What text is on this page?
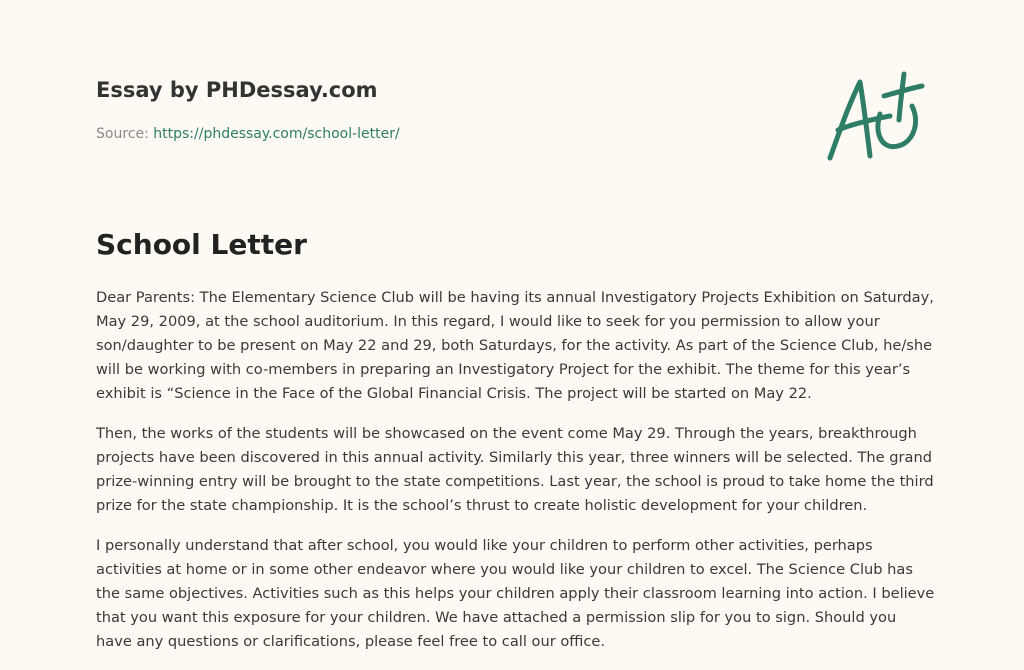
Essay by PHDessay.com
Source: https://phdessay.com/school-letter/
School Letter

Dear Parents: The Elementary Science Club will be having its annual Investigatory Projects Exhibition on Saturday, May 29, 2009, at the school auditorium. In this regard, I would like to seek for you permission to allow your son/daughter to be present on May 22 and 29, both Saturdays, for the activity. As part of the Science Club, he/she will be working with co-members in preparing an Investigatory Project for the exhibit. The theme for this year’s exhibit is “Science in the Face of the Global Financial Crisis. The project will be started on May 22.

Then, the works of the students will be showcased on the event come May 29. Through the years, breakthrough projects have been discovered in this annual activity. Similarly this year, three winners will be selected. The grand prize-winning entry will be brought to the state competitions. Last year, the school is proud to take home the third prize for the state championship. It is the school’s thrust to create holistic development for your children.

I personally understand that after school, you would like your children to perform other activities, perhaps activities at home or in some other endeavor where you would like your children to excel. The Science Club has the same objectives. Activities such as this helps your children apply their classroom learning into action. I believe that you want this exposure for your children. We have attached a permission slip for you to sign. Should you have any questions or clarifications, please feel free to call our office.
